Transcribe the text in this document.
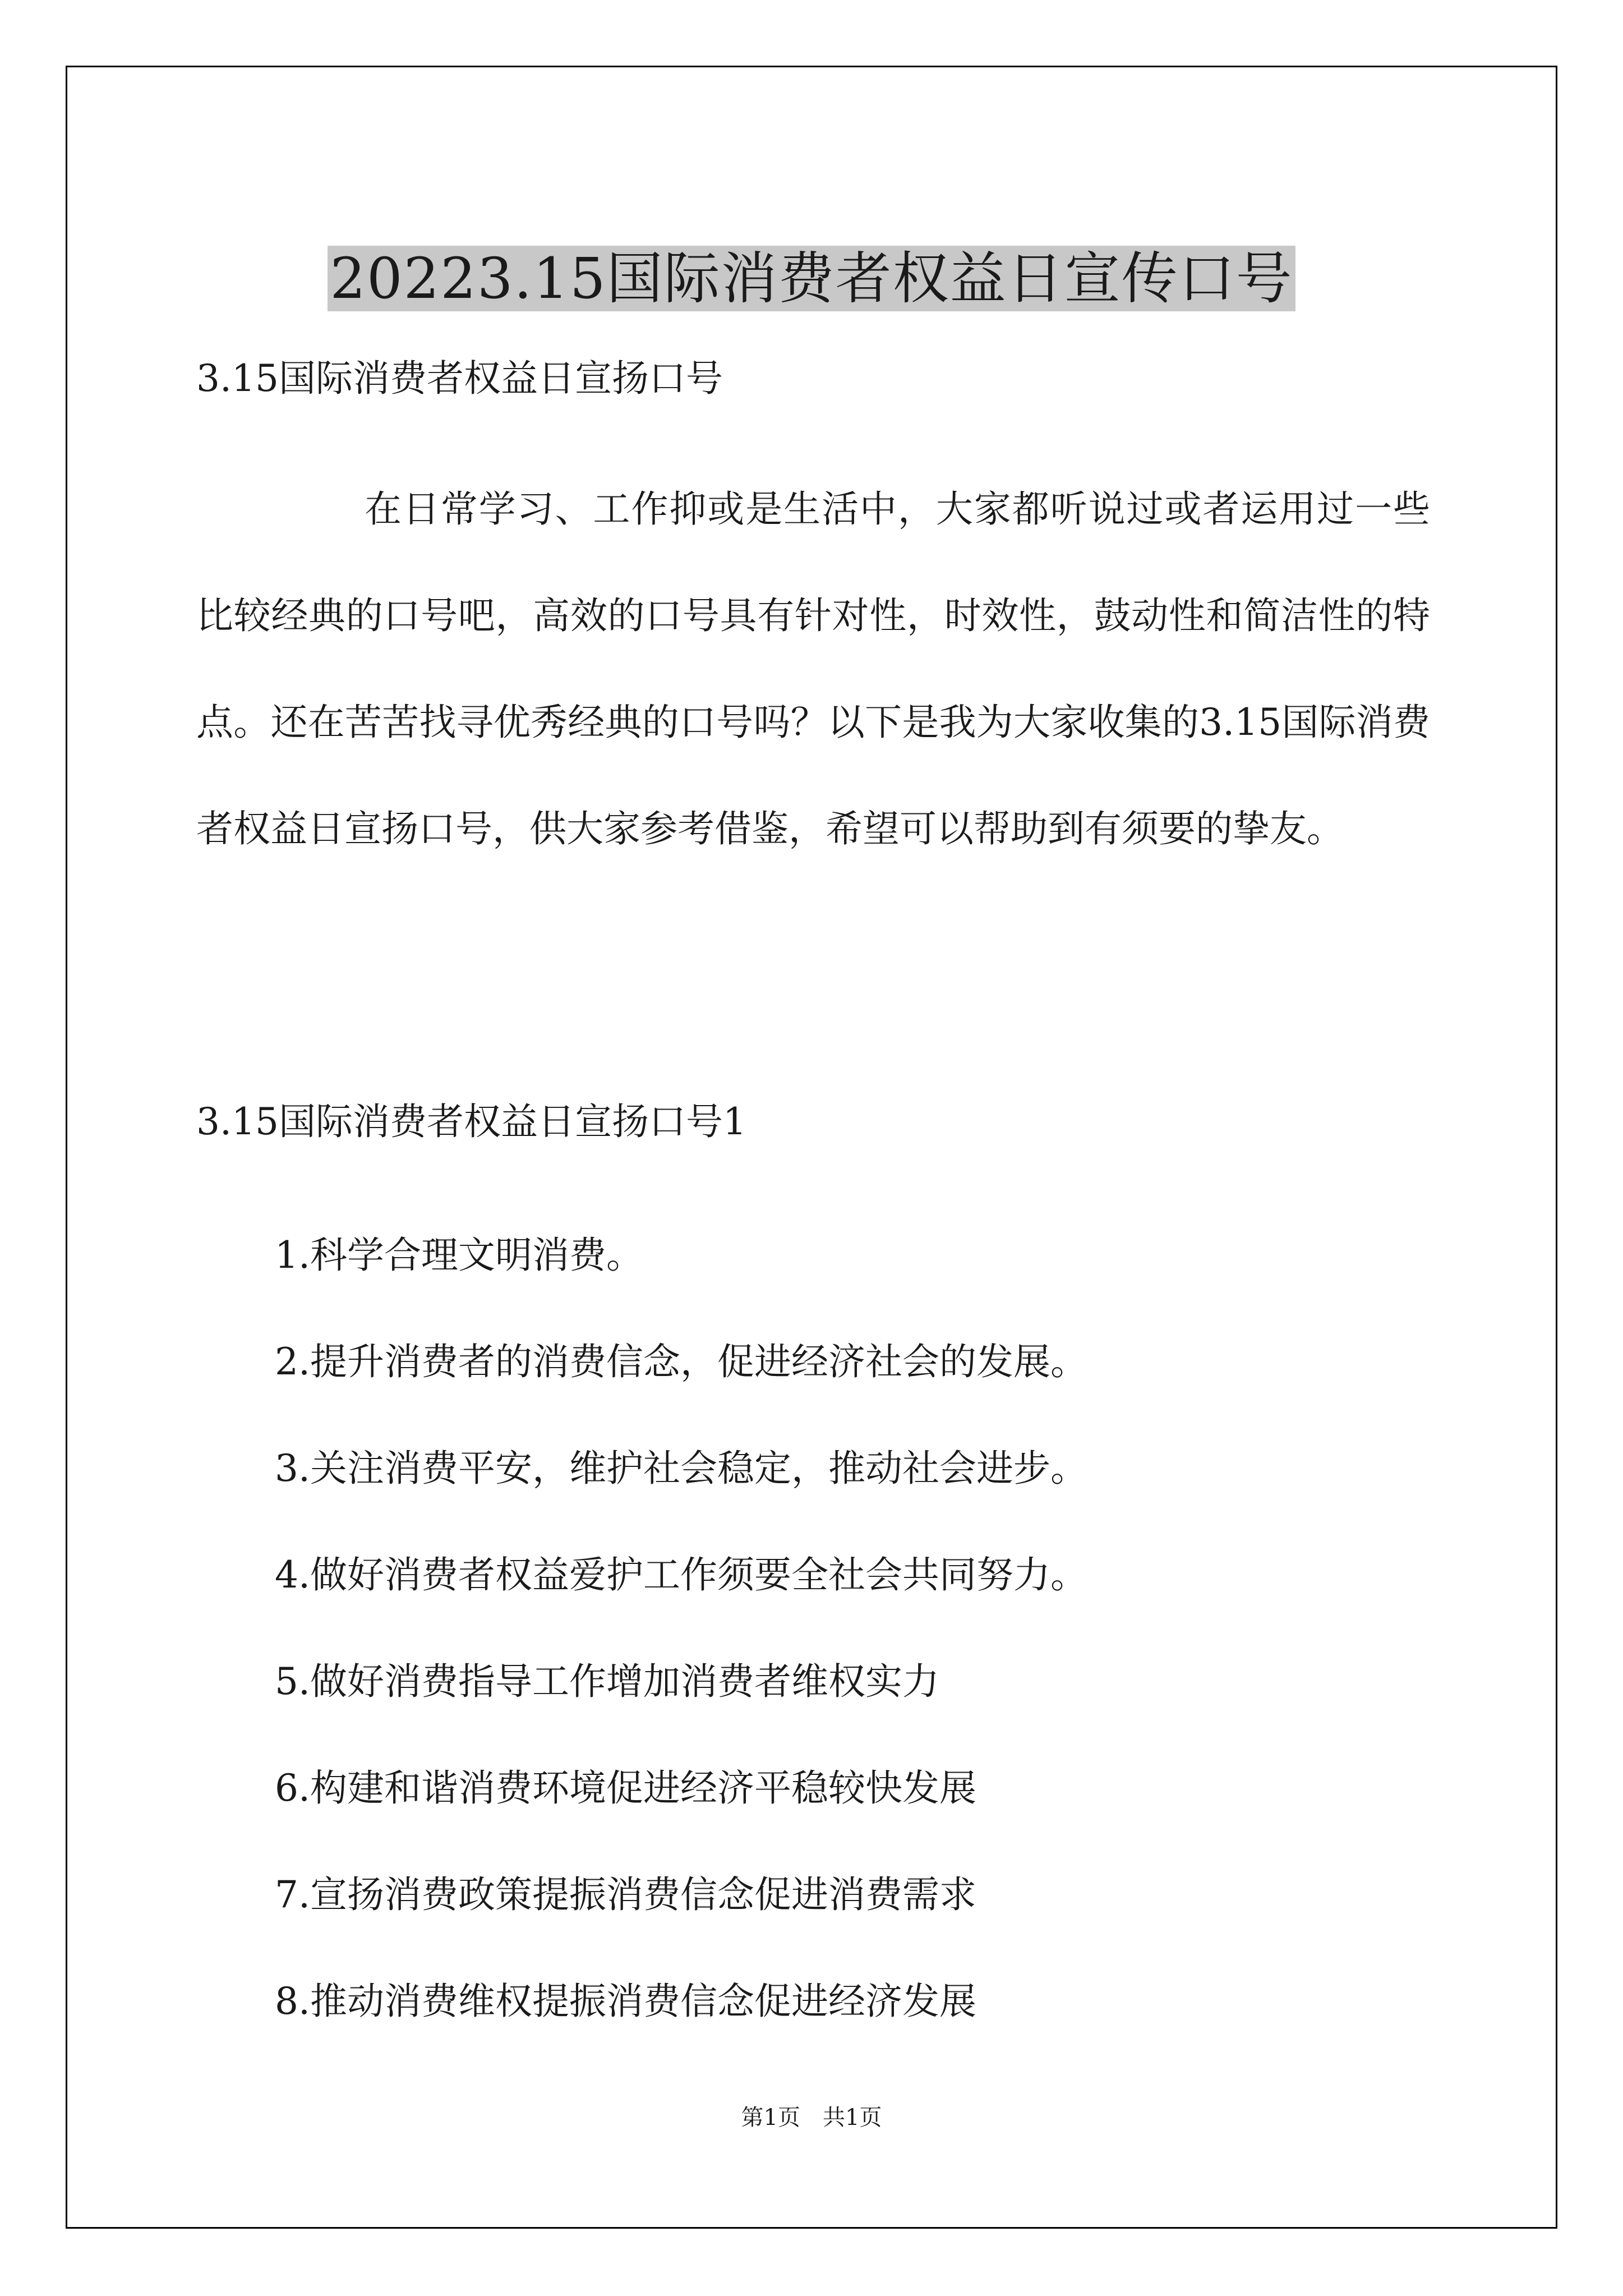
20223.15国际消费者权益日宣传口号
3.15国际消费者权益日宣扬口号

在日常学习、工作抑或是生活中，大家都听说过或者运用过一些比较经典的口号吧，高效的口号具有针对性，时效性，鼓动性和简洁性的特点。还在苦苦找寻优秀经典的口号吗？以下是我为大家收集的3.15国际消费者权益日宣扬口号，供大家参考借鉴，希望可以帮助到有须要的挚友。

3.15国际消费者权益日宣扬口号1
1.科学合理文明消费。
2.提升消费者的消费信念，促进经济社会的发展。
3.关注消费平安，维护社会稳定，推动社会进步。
4.做好消费者权益爱护工作须要全社会共同努力。
5.做好消费指导工作增加消费者维权实力
6.构建和谐消费环境促进经济平稳较快发展
7.宣扬消费政策提振消费信念促进消费需求
8.推动消费维权提振消费信念促进经济发展
第1页　共1页
